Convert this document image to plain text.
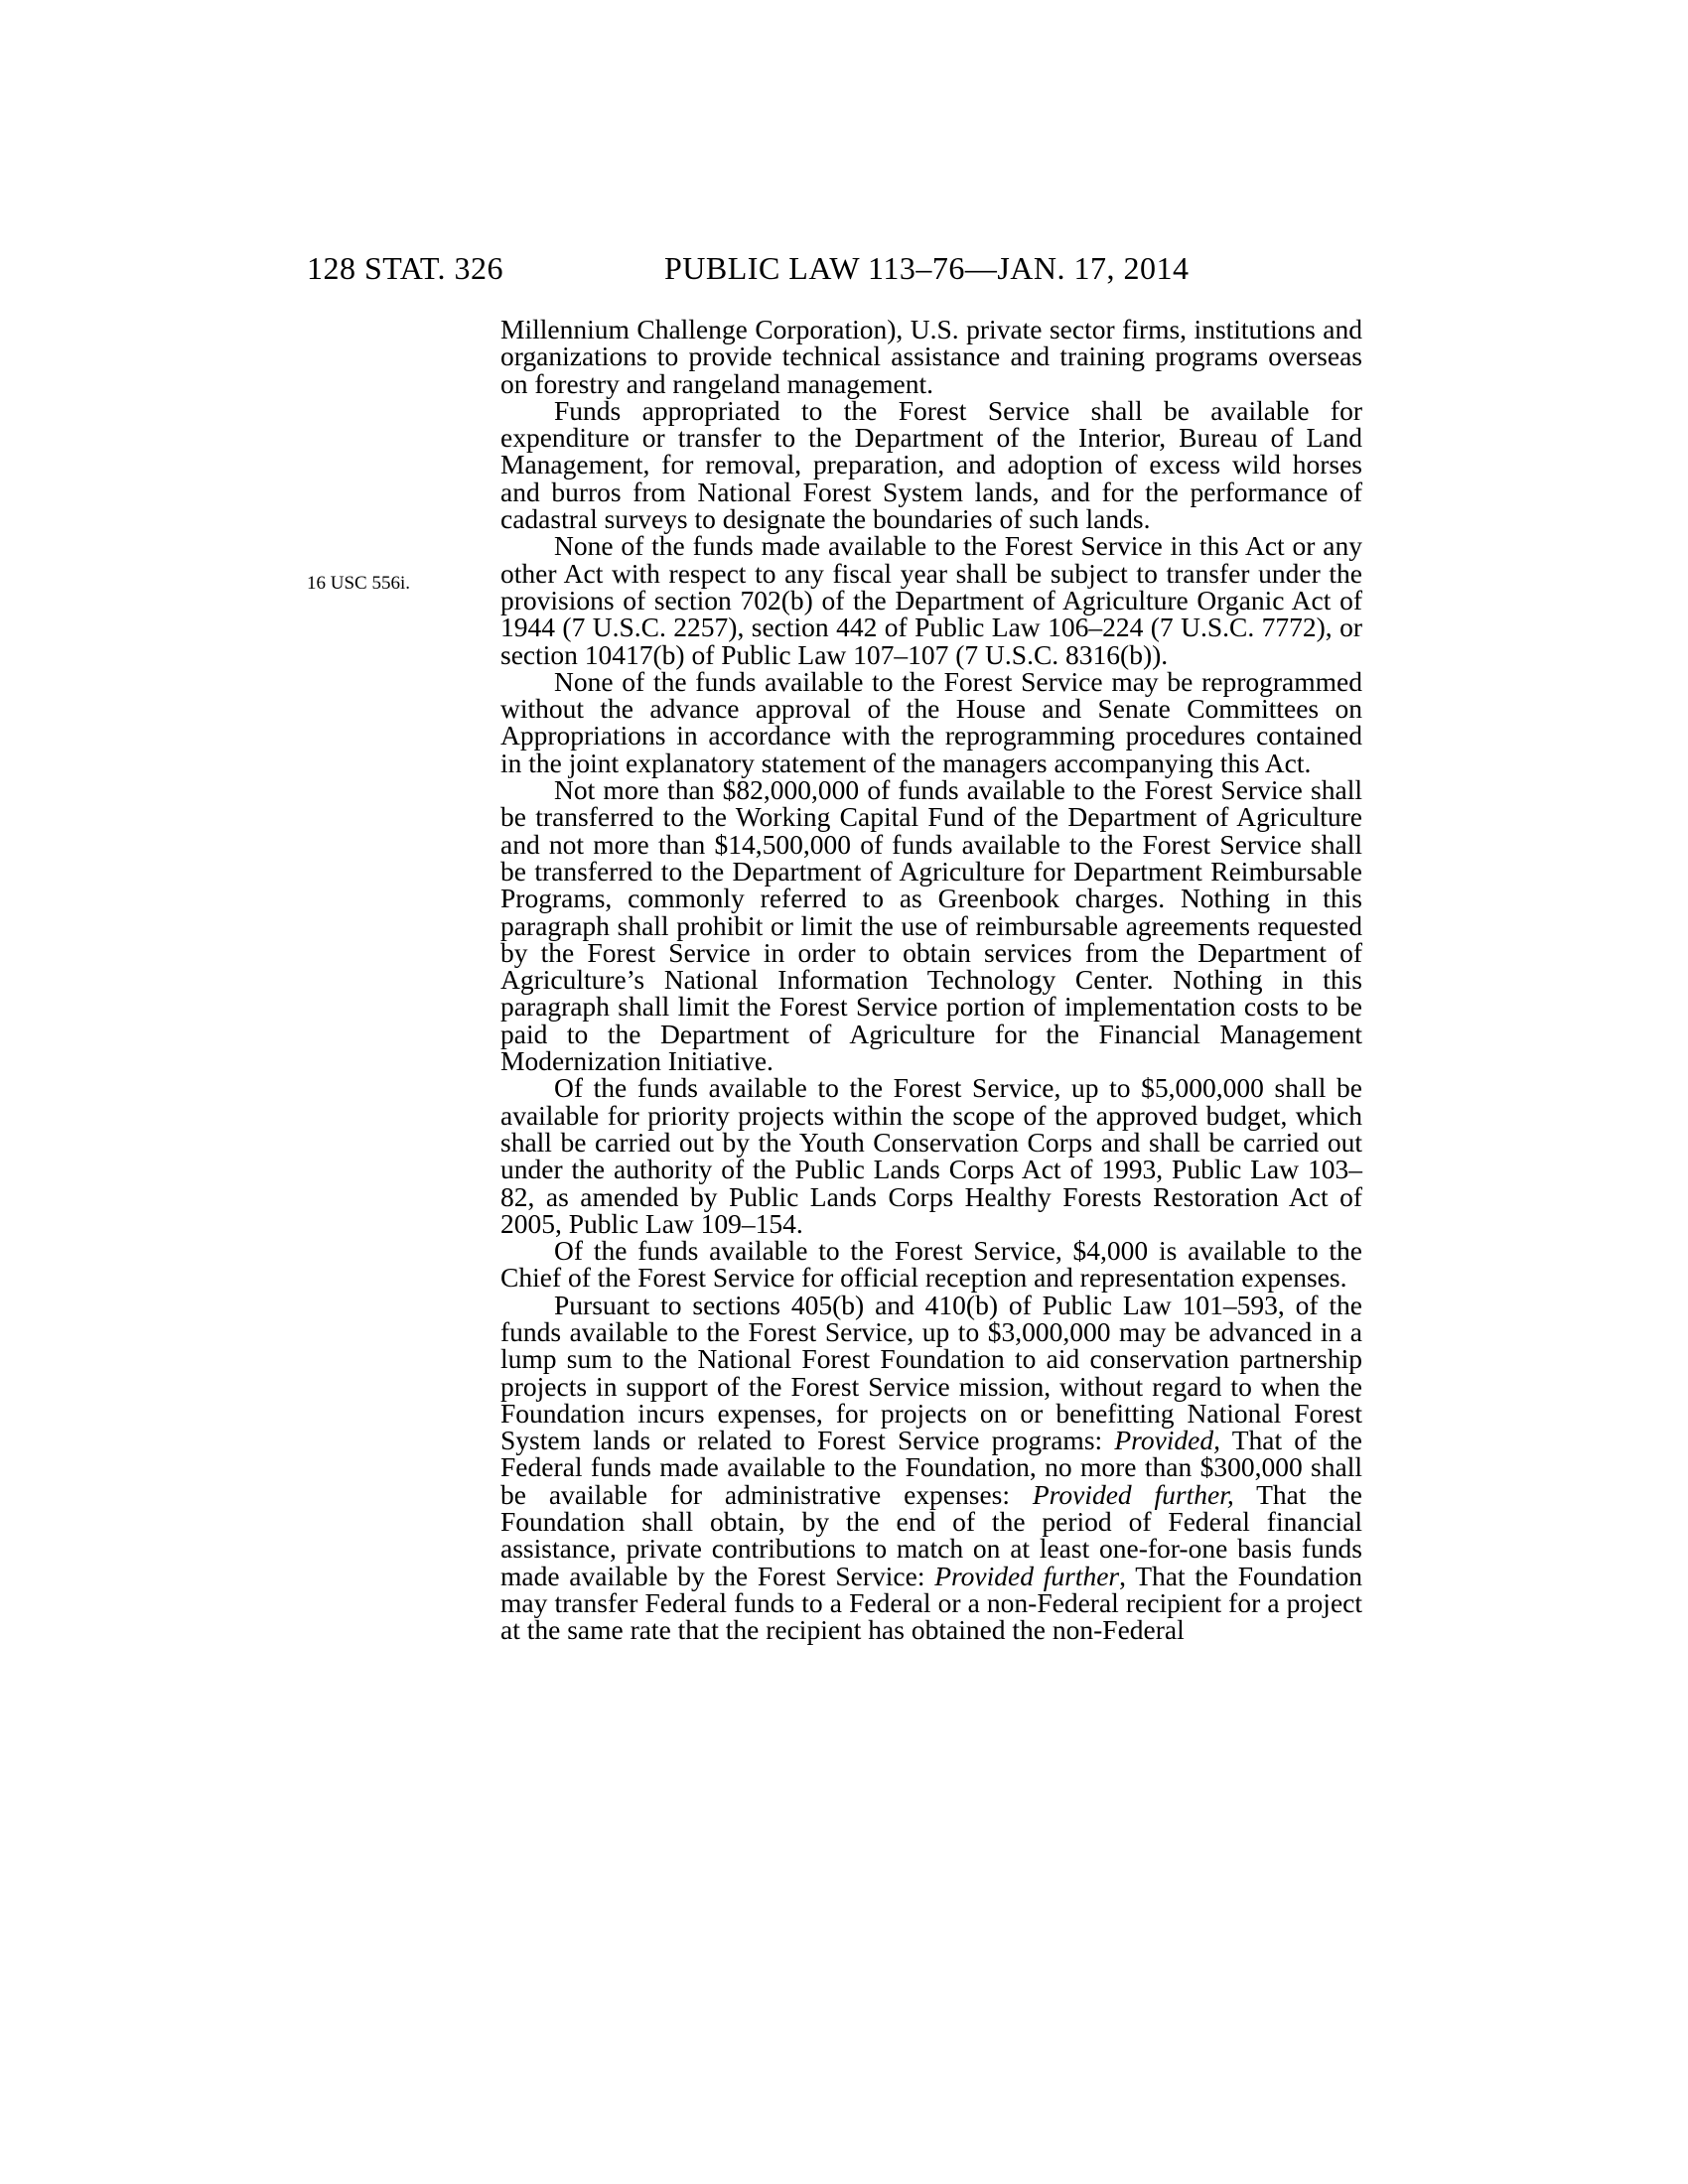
128 STAT. 326	PUBLIC LAW 113–76—JAN. 17, 2014
16 USC 556i.

Millennium Challenge Corporation), U.S. private sector firms, institutions and organizations to provide technical assistance and training programs overseas on forestry and rangeland management.

Funds appropriated to the Forest Service shall be available for expenditure or transfer to the Department of the Interior, Bureau of Land Management, for removal, preparation, and adoption of excess wild horses and burros from National Forest System lands, and for the performance of cadastral surveys to designate the boundaries of such lands.

None of the funds made available to the Forest Service in this Act or any other Act with respect to any fiscal year shall be subject to transfer under the provisions of section 702(b) of the Department of Agriculture Organic Act of 1944 (7 U.S.C. 2257), section 442 of Public Law 106–224 (7 U.S.C. 7772), or section 10417(b) of Public Law 107–107 (7 U.S.C. 8316(b)).

None of the funds available to the Forest Service may be reprogrammed without the advance approval of the House and Senate Committees on Appropriations in accordance with the reprogramming procedures contained in the joint explanatory statement of the managers accompanying this Act.

Not more than $82,000,000 of funds available to the Forest Service shall be transferred to the Working Capital Fund of the Department of Agriculture and not more than $14,500,000 of funds available to the Forest Service shall be transferred to the Department of Agriculture for Department Reimbursable Programs, commonly referred to as Greenbook charges. Nothing in this paragraph shall prohibit or limit the use of reimbursable agreements requested by the Forest Service in order to obtain services from the Department of Agriculture’s National Information Technology Center. Nothing in this paragraph shall limit the Forest Service portion of implementation costs to be paid to the Department of Agriculture for the Financial Management Modernization Initiative.

Of the funds available to the Forest Service, up to $5,000,000 shall be available for priority projects within the scope of the approved budget, which shall be carried out by the Youth Conservation Corps and shall be carried out under the authority of the Public Lands Corps Act of 1993, Public Law 103–82, as amended by Public Lands Corps Healthy Forests Restoration Act of 2005, Public Law 109–154.

Of the funds available to the Forest Service, $4,000 is available to the Chief of the Forest Service for official reception and representation expenses.

Pursuant to sections 405(b) and 410(b) of Public Law 101–593, of the funds available to the Forest Service, up to $3,000,000 may be advanced in a lump sum to the National Forest Foundation to aid conservation partnership projects in support of the Forest Service mission, without regard to when the Foundation incurs expenses, for projects on or benefitting National Forest System lands or related to Forest Service programs: Provided, That of the Federal funds made available to the Foundation, no more than $300,000 shall be available for administrative expenses: Provided further, That the Foundation shall obtain, by the end of the period of Federal financial assistance, private contributions to match on at least one-for-one basis funds made available by the Forest Service: Provided further, That the Foundation may transfer Federal funds to a Federal or a non-Federal recipient for a project at the same rate that the recipient has obtained the non-Federal
